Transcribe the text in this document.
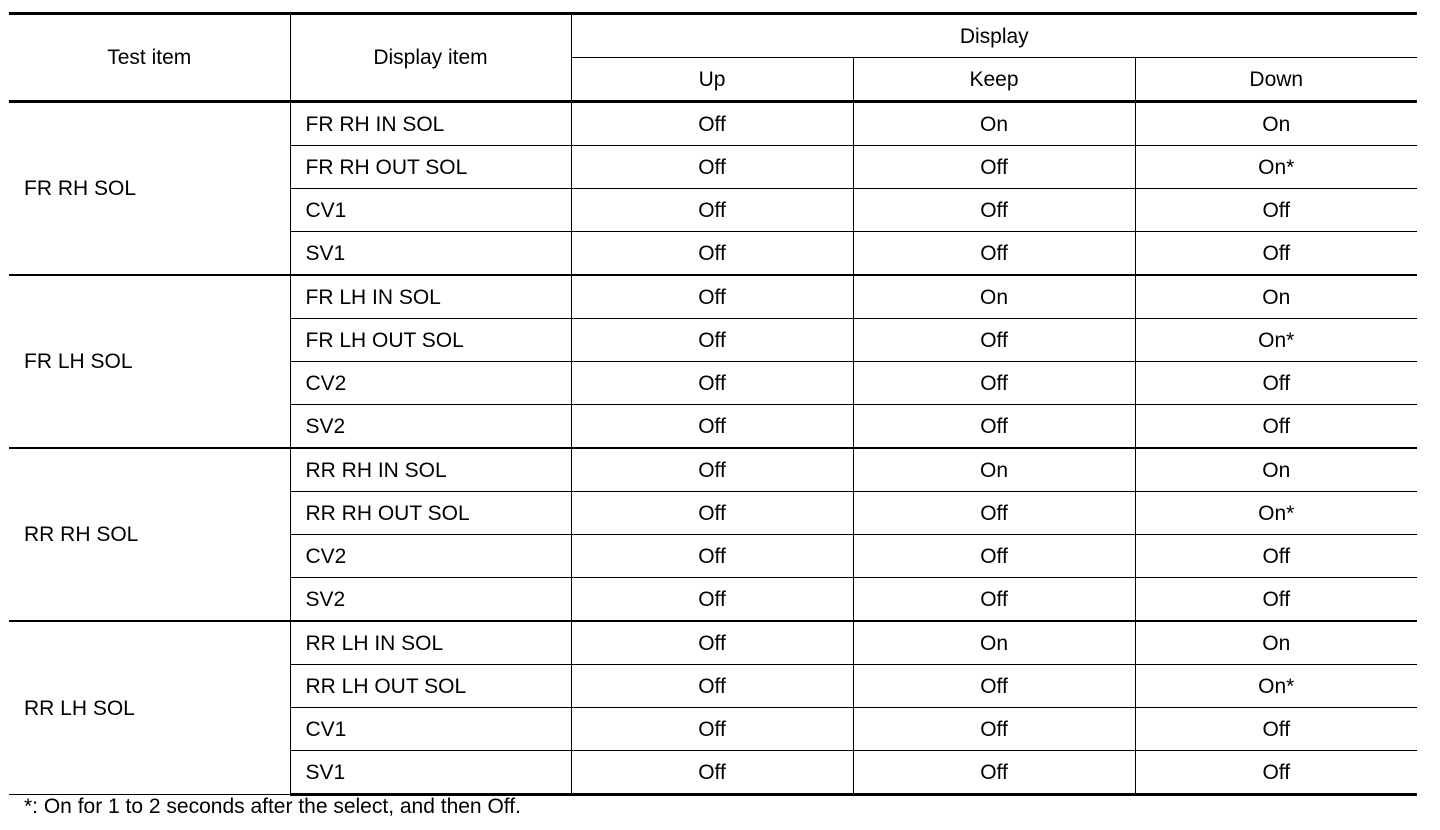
Test item	Display item	Display		
		Up	Keep	Down
FR RH SOL	FR RH IN SOL	Off	On	On
	FR RH OUT SOL	Off	Off	On*
	CV1	Off	Off	Off
	SV1	Off	Off	Off
FR LH SOL	FR LH IN SOL	Off	On	On
	FR LH OUT SOL	Off	Off	On*
	CV2	Off	Off	Off
	SV2	Off	Off	Off
RR RH SOL	RR RH IN SOL	Off	On	On
	RR RH OUT SOL	Off	Off	On*
	CV2	Off	Off	Off
	SV2	Off	Off	Off
RR LH SOL	RR LH IN SOL	Off	On	On
	RR LH OUT SOL	Off	Off	On*
	CV1	Off	Off	Off
	SV1	Off	Off	Off
*: On for 1 to 2 seconds after the select, and then Off.
